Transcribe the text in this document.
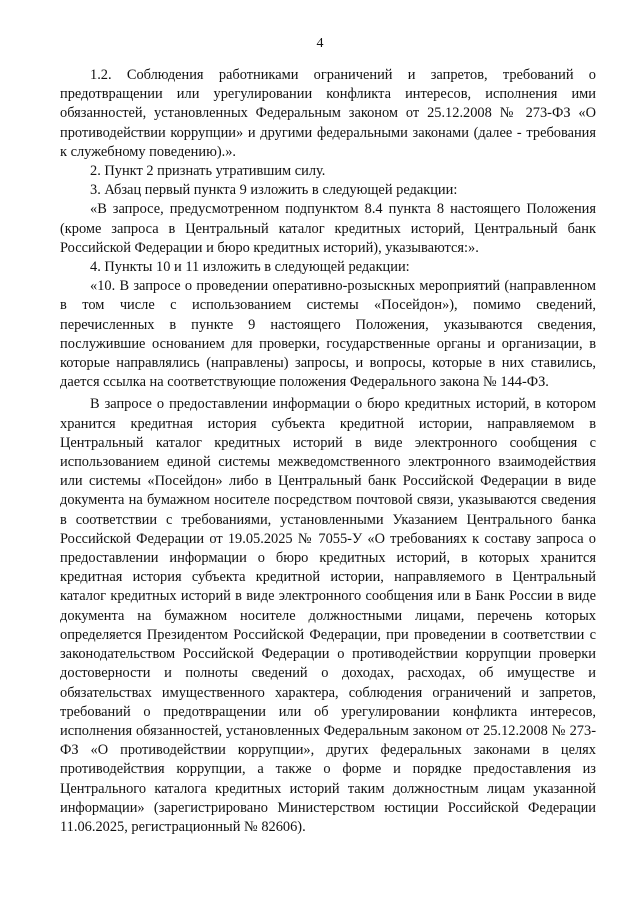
4

1.2. Соблюдения работниками ограничений и запретов, требований о предотвращении или урегулировании конфликта интересов, исполнения ими обязанностей, установленных Федеральным законом от 25.12.2008 № 273-ФЗ «О противодействии коррупции» и другими федеральными законами (далее - требования к служебному поведению).».

2. Пункт 2 признать утратившим силу.

3. Абзац первый пункта 9 изложить в следующей редакции:

«В запросе, предусмотренном подпунктом 8.4 пункта 8 настоящего Положения (кроме запроса в Центральный каталог кредитных историй, Центральный банк Российской Федерации и бюро кредитных историй), указываются:».

4. Пункты 10 и 11 изложить в следующей редакции:

«10. В запросе о проведении оперативно-розыскных мероприятий (направленном в том числе с использованием системы «Посейдон»), помимо сведений, перечисленных в пункте 9 настоящего Положения, указываются сведения, послужившие основанием для проверки, государственные органы и организации, в которые направлялись (направлены) запросы, и вопросы, которые в них ставились, дается ссылка на соответствующие положения Федерального закона № 144-ФЗ.

В запросе о предоставлении информации о бюро кредитных историй, в котором хранится кредитная история субъекта кредитной истории, направляемом в Центральный каталог кредитных историй в виде электронного сообщения с использованием единой системы межведомственного электронного взаимодействия или системы «Посейдон» либо в Центральный банк Российской Федерации в виде документа на бумажном носителе посредством почтовой связи, указываются сведения в соответствии с требованиями, установленными Указанием Центрального банка Российской Федерации от 19.05.2025 № 7055-У «О требованиях к составу запроса о предоставлении информации о бюро кредитных историй, в которых хранится кредитная история субъекта кредитной истории, направляемого в Центральный каталог кредитных историй в виде электронного сообщения или в Банк России в виде документа на бумажном носителе должностными лицами, перечень которых определяется Президентом Российской Федерации, при проведении в соответствии с законодательством Российской Федерации о противодействии коррупции проверки достоверности и полноты сведений о доходах, расходах, об имуществе и обязательствах имущественного характера, соблюдения ограничений и запретов, требований о предотвращении или об урегулировании конфликта интересов, исполнения обязанностей, установленных Федеральным законом от 25.12.2008 № 273-ФЗ «О противодействии коррупции», других федеральных законами в целях противодействия коррупции, а также о форме и порядке предоставления из Центрального каталога кредитных историй таким должностным лицам указанной информации» (зарегистрировано Министерством юстиции Российской Федерации 11.06.2025, регистрационный № 82606).
